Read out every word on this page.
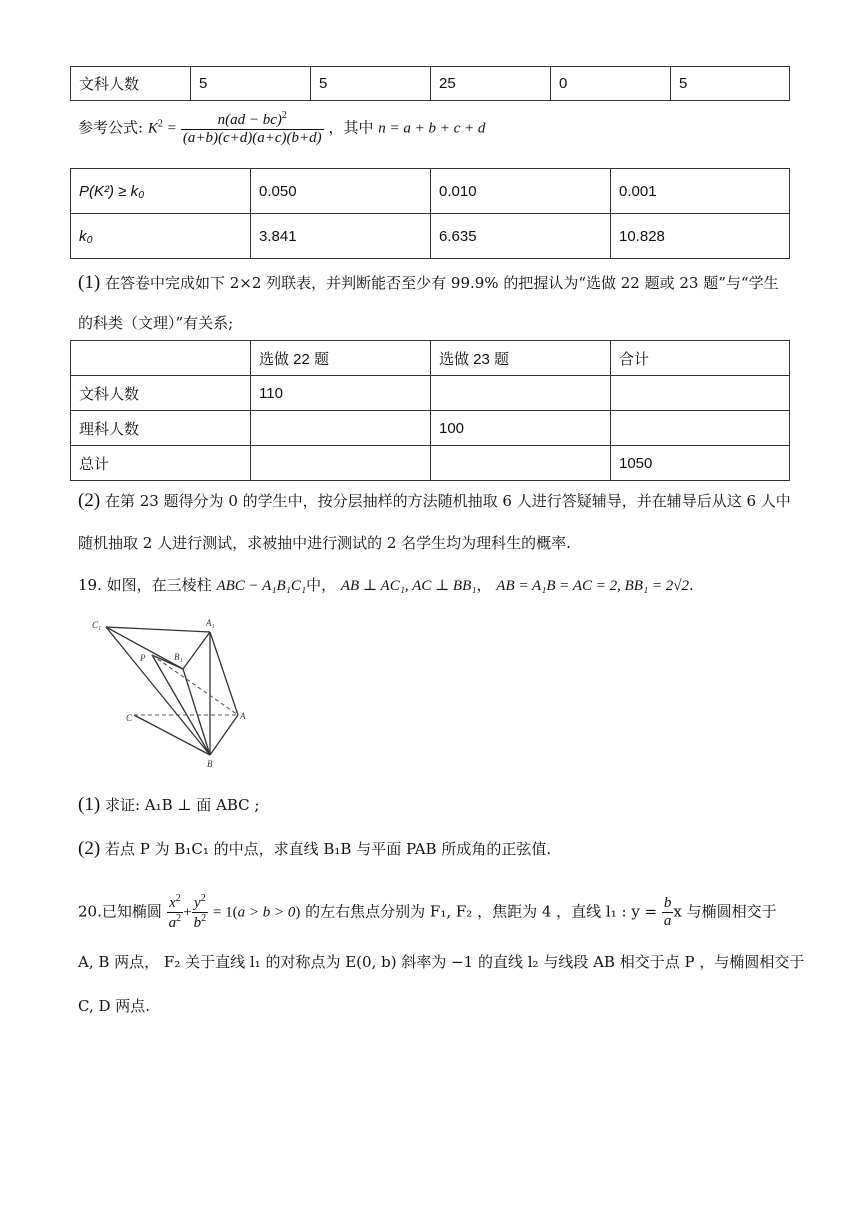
文科人数	5	5	25	0	5
参考公式: $K^2 = \frac{n(ad - bc)^2}{(a+b)(c+d)(a+c)(b+d)}$ ，其中 n = a + b + c + d
P(K²) ≥ k₀	0.050	0.010	0.001
k₀	3.841	6.635	10.828
(1) 在答卷中完成如下 2×2 列联表，并判断能否至少有 99.9% 的把握认为“选做 22 题或 23 题”与“学生
的科类（文理）”有关系;
	选做 22 题	选做 23 题	合计
文科人数	110		
理科人数		100	
总计			1050
(2) 在第 23 题得分为 0 的学生中，按分层抽样的方法随机抽取 6 人进行答疑辅导，并在辅导后从这 6 人中
随机抽取 2 人进行测试，求被抽中进行测试的 2 名学生均为理科生的概率.
19. 如图，在三棱柱 ABC − A₁B₁C₁中， AB ⊥ AC₁, AC ⊥ BB₁， AB = A₁B = AC = 2, BB₁ = 2√2.
C₁	A₁
P	B₁
C	A
B
(1) 求证: A₁B ⊥ 面 ABC ;
(2) 若点 P 为 B₁C₁ 的中点，求直线 B₁B 与平面 PAB 所成角的正弦值.
20.已知椭圆 $\frac{x^2}{a^2} + \frac{y^2}{b^2} = 1(a > b > 0)$ 的左右焦点分别为 F₁, F₂ ，焦距为 4 ，直线 l₁ : $y = \frac{b}{a}$ x 与椭圆相交于
A, B 两点， F₂ 关于直线 l₁ 的对称点为 E(0, b) 斜率为 −1 的直线 l₂ 与线段 AB 相交于点 P ，与椭圆相交于
C, D 两点.
